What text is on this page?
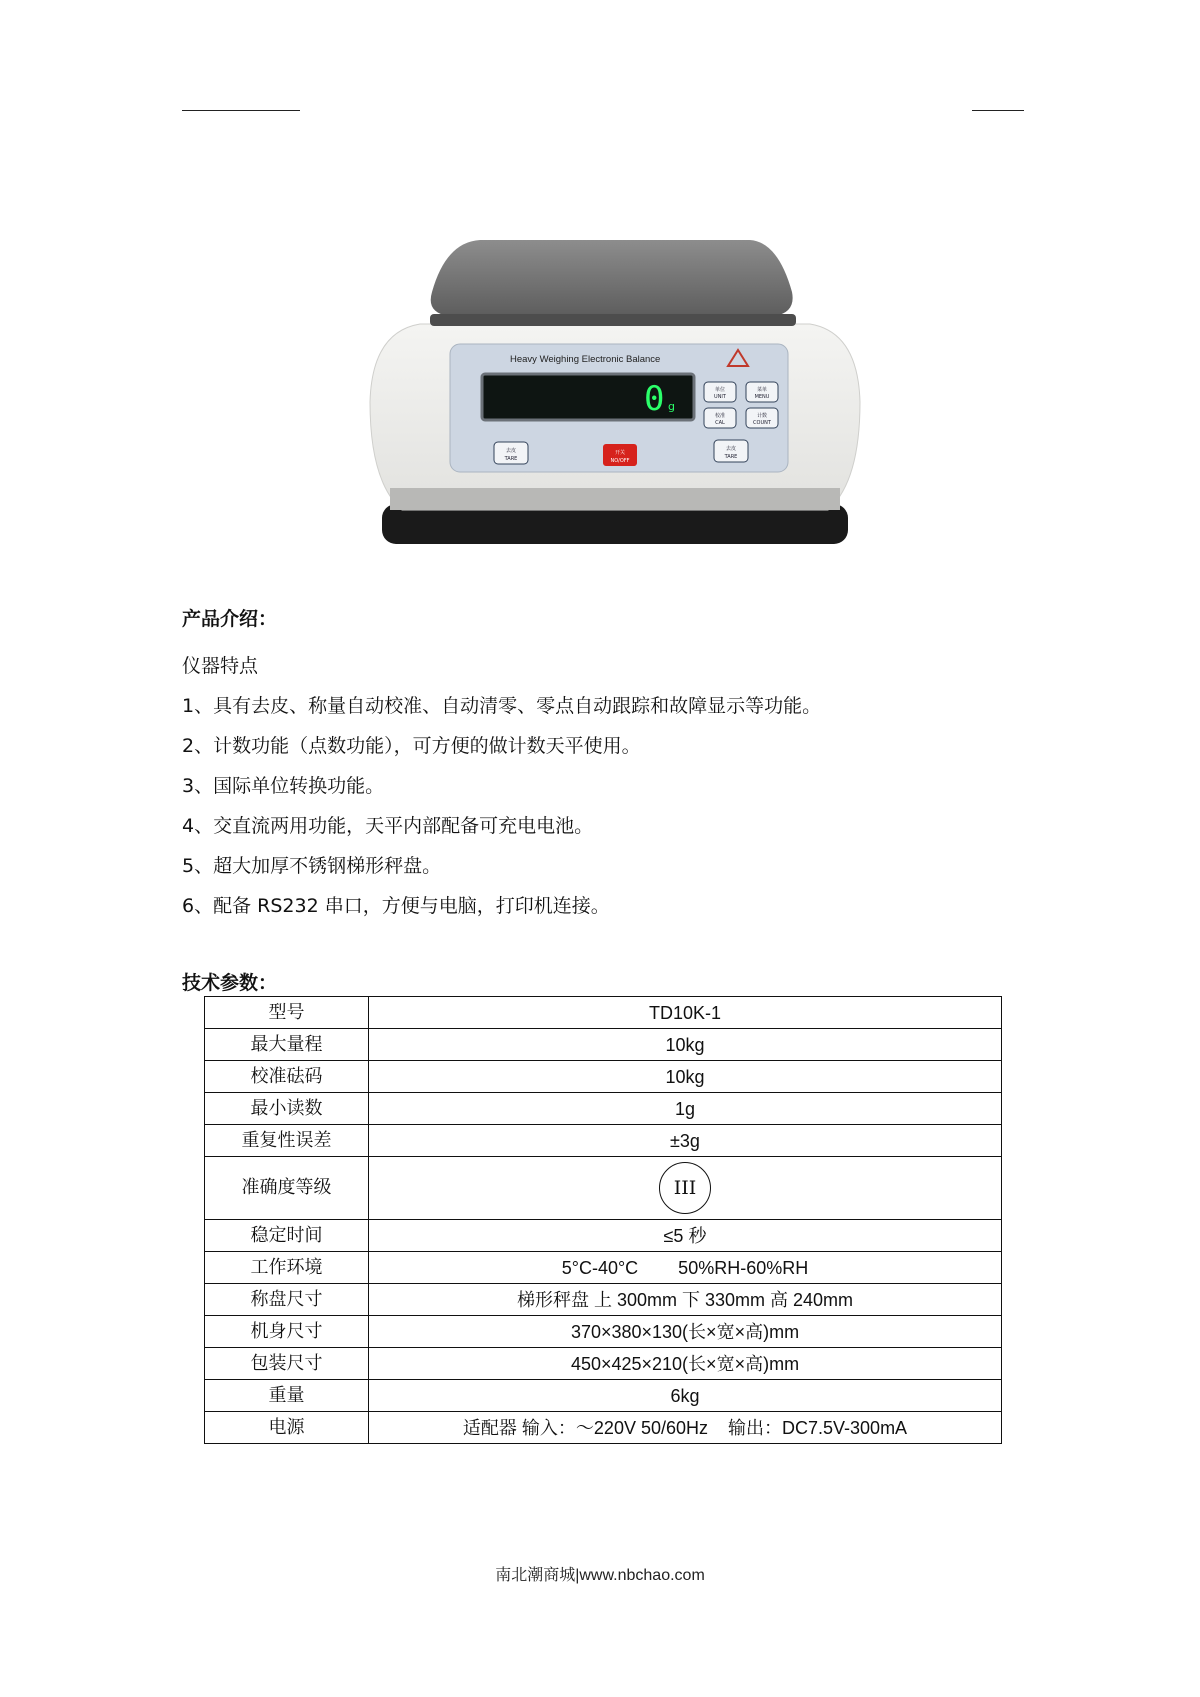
Heavy Weighing Electronic Balance
0 g
单位
UNIT
菜单
MENU
校准
CAL
计数
COUNT
去皮
TARE
开关
NO/OFF
去皮
TARE
产品介绍：

仪器特点

1、具有去皮、称量自动校准、自动清零、零点自动跟踪和故障显示等功能。

2、计数功能（点数功能），可方便的做计数天平使用。

3、国际单位转换功能。

4、交直流两用功能，天平内部配备可充电电池。

5、超大加厚不锈钢梯形秤盘。

6、配备 RS232 串口，方便与电脑，打印机连接。

技术参数：
型号	TD10K-1
最大量程	10kg
校准砝码	10kg
最小读数	1g
重复性误差	±3g
准确度等级	III
稳定时间	≤5 秒
工作环境	5°C-40°C        50%RH-60%RH
称盘尺寸	梯形秤盘 上 300mm 下 330mm 高 240mm
机身尺寸	370×380×130(长×宽×高)mm
包装尺寸	450×425×210(长×宽×高)mm
重量	6kg
电源	适配器 输入：～220V 50/60Hz    输出：DC7.5V-300mA
南北潮商城|www.nbchao.com
